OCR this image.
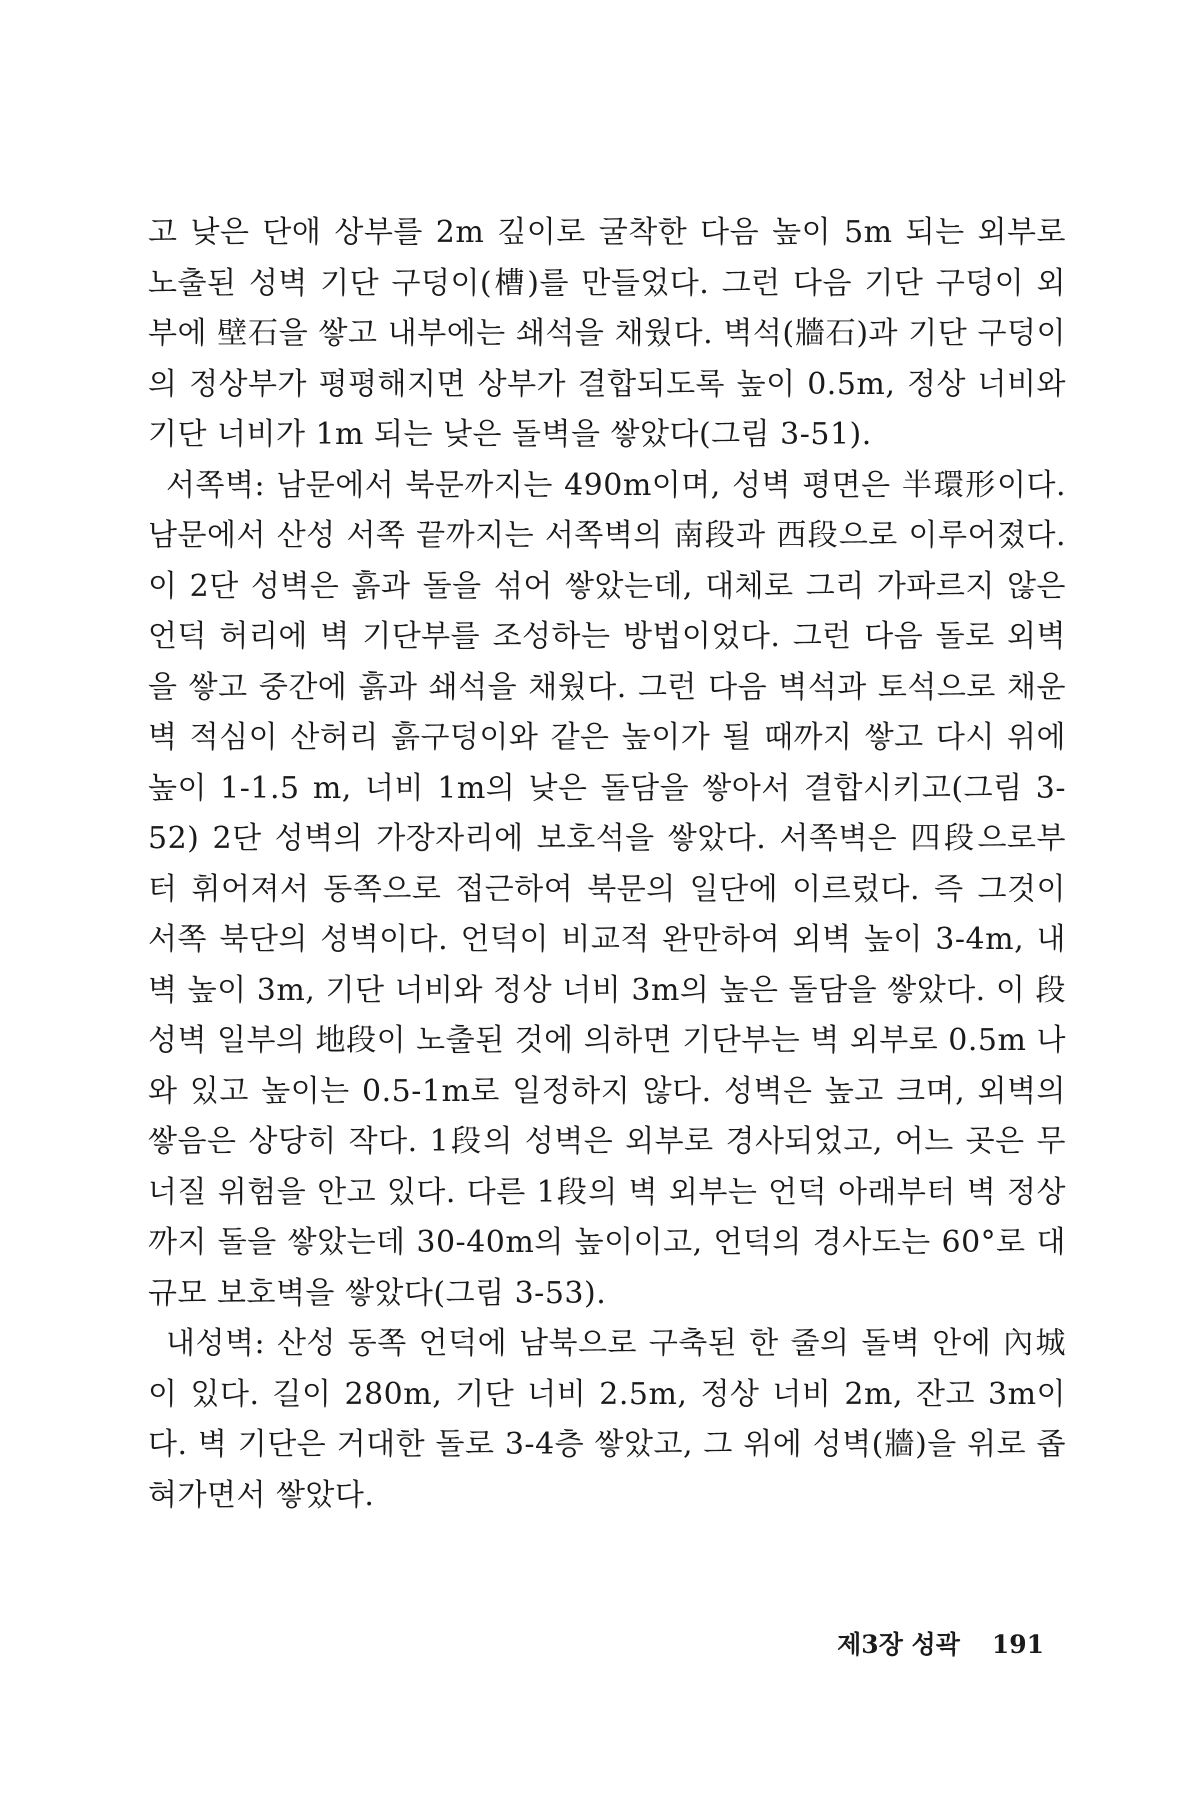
고 낮은 단애 상부를 2m 깊이로 굴착한 다음 높이 5m 되는 외부로 노출된 성벽 기단 구덩이(槽)를 만들었다. 그런 다음 기단 구덩이 외부에 壁石을 쌓고 내부에는 쇄석을 채웠다. 벽석(牆石)과 기단 구덩이의 정상부가 평평해지면 상부가 결합되도록 높이 0.5m, 정상 너비와 기단 너비가 1m 되는 낮은 돌벽을 쌓았다(그림 3-51).

서쪽벽: 남문에서 북문까지는 490m이며, 성벽 평면은 半環形이다. 남문에서 산성 서쪽 끝까지는 서쪽벽의 南段과 西段으로 이루어졌다. 이 2단 성벽은 흙과 돌을 섞어 쌓았는데, 대체로 그리 가파르지 않은 언덕 허리에 벽 기단부를 조성하는 방법이었다. 그런 다음 돌로 외벽을 쌓고 중간에 흙과 쇄석을 채웠다. 그런 다음 벽석과 토석으로 채운 벽 적심이 산허리 흙구덩이와 같은 높이가 될 때까지 쌓고 다시 위에 높이 1-1.5 m, 너비 1m의 낮은 돌담을 쌓아서 결합시키고(그림 3-52) 2단 성벽의 가장자리에 보호석을 쌓았다. 서쪽벽은 四段으로부터 휘어져서 동쪽으로 접근하여 북문의 일단에 이르렀다. 즉 그것이 서쪽 북단의 성벽이다. 언덕이 비교적 완만하여 외벽 높이 3-4m, 내벽 높이 3m, 기단 너비와 정상 너비 3m의 높은 돌담을 쌓았다. 이 段 성벽 일부의 地段이 노출된 것에 의하면 기단부는 벽 외부로 0.5m 나와 있고 높이는 0.5-1m로 일정하지 않다. 성벽은 높고 크며, 외벽의 쌓음은 상당히 작다. 1段의 성벽은 외부로 경사되었고, 어느 곳은 무너질 위험을 안고 있다. 다른 1段의 벽 외부는 언덕 아래부터 벽 정상까지 돌을 쌓았는데 30-40m의 높이이고, 언덕의 경사도는 60°로 대규모 보호벽을 쌓았다(그림 3-53).

내성벽: 산성 동쪽 언덕에 남북으로 구축된 한 줄의 돌벽 안에 內城이 있다. 길이 280m, 기단 너비 2.5m, 정상 너비 2m, 잔고 3m이다. 벽 기단은 거대한 돌로 3-4층 쌓았고, 그 위에 성벽(牆)을 위로 좁혀가면서 쌓았다.

제3장 성곽 191
